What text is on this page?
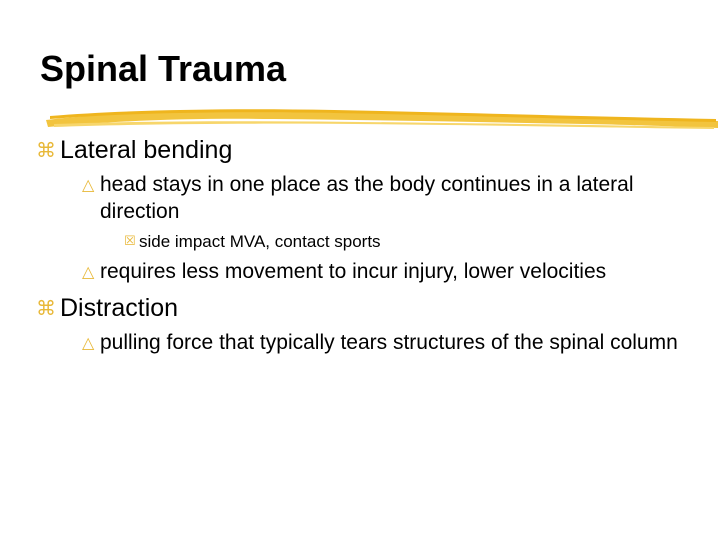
Spinal Trauma
⌘ Lateral bending
△ head stays in one place as the body continues in a lateral direction
☒ side impact MVA, contact sports
△ requires less movement to incur injury, lower velocities
⌘ Distraction
△ pulling force that typically tears structures of the spinal column
